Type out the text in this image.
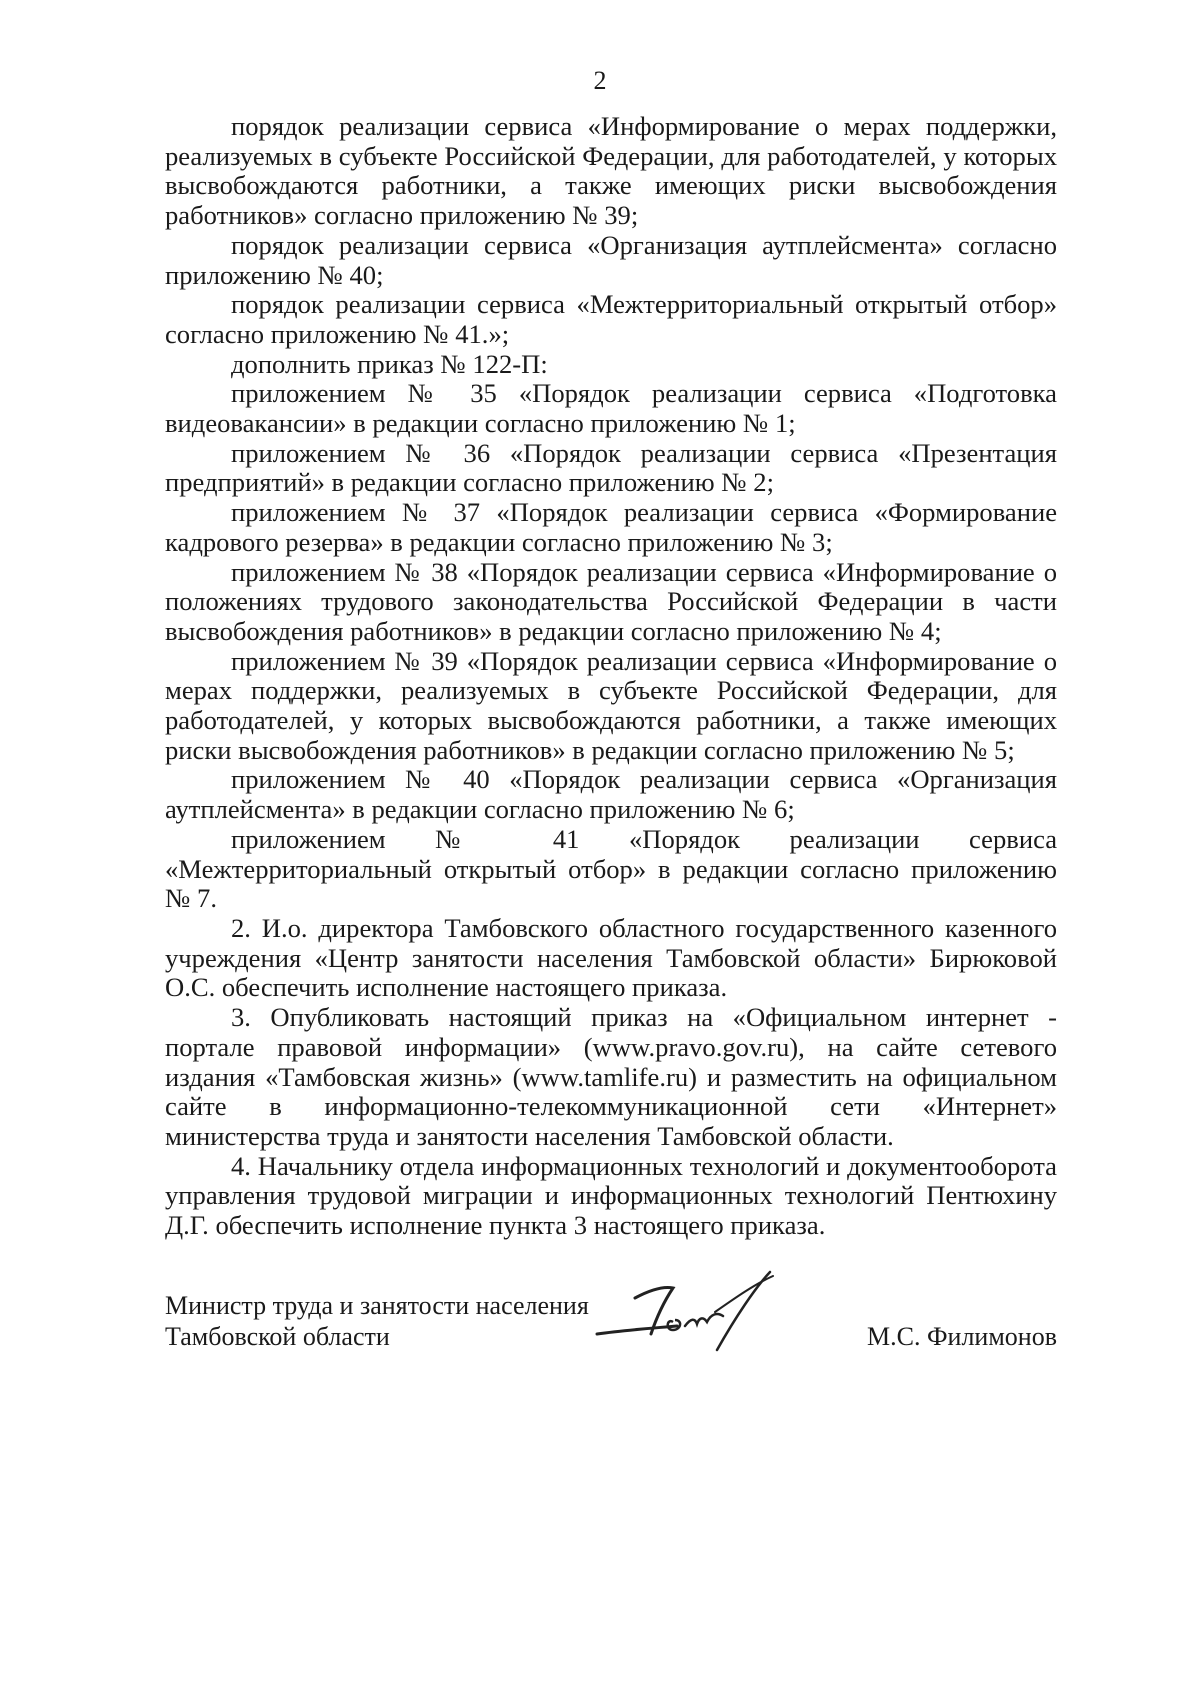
2

порядок реализации сервиса «Информирование о мерах поддержки, реализуемых в субъекте Российской Федерации, для работодателей, у которых высвобождаются работники, а также имеющих риски высвобождения работников» согласно приложению № 39;

порядок реализации сервиса «Организация аутплейсмента» согласно приложению № 40;

порядок реализации сервиса «Межтерриториальный открытый отбор» согласно приложению № 41.»;

дополнить приказ № 122-П:

приложением № 35 «Порядок реализации сервиса «Подготовка видеовакансии» в редакции согласно приложению № 1;

приложением № 36 «Порядок реализации сервиса «Презентация предприятий» в редакции согласно приложению № 2;

приложением № 37 «Порядок реализации сервиса «Формирование кадрового резерва» в редакции согласно приложению № 3;

приложением № 38 «Порядок реализации сервиса «Информирование о положениях трудового законодательства Российской Федерации в части высвобождения работников» в редакции согласно приложению № 4;

приложением № 39 «Порядок реализации сервиса «Информирование о мерах поддержки, реализуемых в субъекте Российской Федерации, для работодателей, у которых высвобождаются работники, а также имеющих риски высвобождения работников» в редакции согласно приложению № 5;

приложением № 40 «Порядок реализации сервиса «Организация аутплейсмента» в редакции согласно приложению № 6;

приложением № 41 «Порядок реализации сервиса «Межтерриториальный открытый отбор» в редакции согласно приложению № 7.

2. И.о. директора Тамбовского областного государственного казенного учреждения «Центр занятости населения Тамбовской области» Бирюковой О.С. обеспечить исполнение настоящего приказа.

3. Опубликовать настоящий приказ на «Официальном интернет - портале правовой информации» (www.pravo.gov.ru), на сайте сетевого издания «Тамбовская жизнь» (www.tamlife.ru) и разместить на официальном сайте в информационно-телекоммуникационной сети «Интернет» министерства труда и занятости населения Тамбовской области.

4. Начальнику отдела информационных технологий и документооборота управления трудовой миграции и информационных технологий Пентюхину Д.Г. обеспечить исполнение пункта 3 настоящего приказа.

Министр труда и занятости населения
Тамбовской области	М.С. Филимонов
